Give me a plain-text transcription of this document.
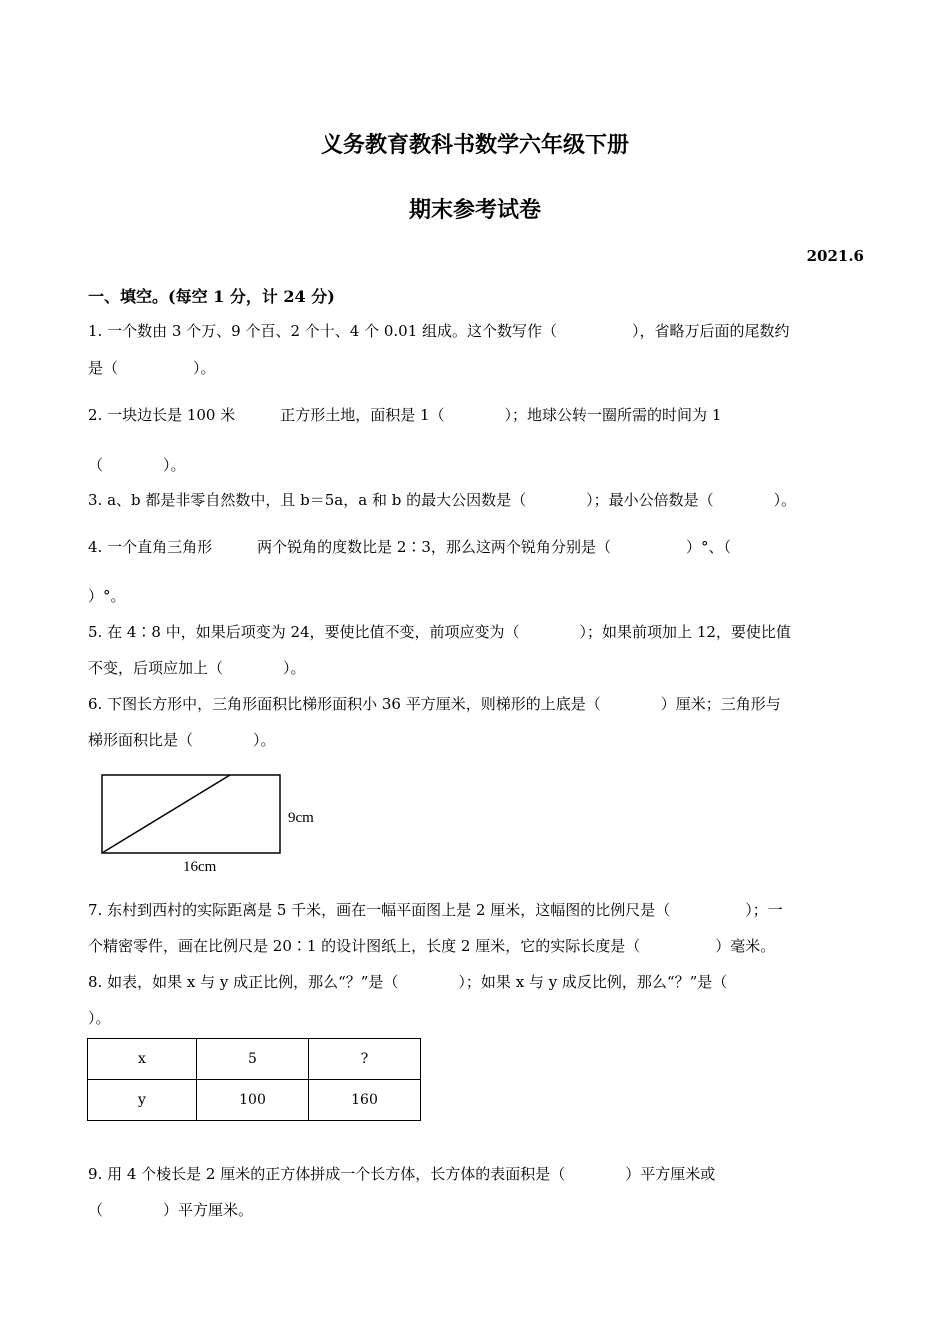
义务教育教科书数学六年级下册
期末参考试卷
2021.6
一、填空。(每空 1 分，计 24 分)
1. 一个数由 3 个万、9 个百、2 个十、4 个 0.01 组成。这个数写作（　　　　　），省略万后面的尾数约
是（　　　　　）。
2. 一块边长是 100 米　　　正方形土地，面积是 1（　　　　）；地球公转一圈所需的时间为 1
（　　　　）。
3. a、b 都是非零自然数中，且 b＝5a，a 和 b 的最大公因数是（　　　　）；最小公倍数是（　　　　）。
4. 一个直角三角形　　　两个锐角的度数比是 2∶3，那么这两个锐角分别是（　　　　　）°、（
）°。
5. 在 4∶8 中，如果后项变为 24，要使比值不变，前项应变为（　　　　）；如果前项加上 12，要使比值
不变，后项应加上（　　　　）。
6. 下图长方形中，三角形面积比梯形面积小 36 平方厘米，则梯形的上底是（　　　　）厘米；三角形与
梯形面积比是（　　　　）。
9cm
16cm
7. 东村到西村的实际距离是 5 千米，画在一幅平面图上是 2 厘米，这幅图的比例尺是（　　　　　）；一
个精密零件，画在比例尺是 20∶1 的设计图纸上，长度 2 厘米，它的实际长度是（　　　　　）毫米。
8. 如表，如果 x 与 y 成正比例，那么“？”是（　　　　）；如果 x 与 y 成反比例，那么“？”是（
）。
x	5	?
y	100	160
9. 用 4 个棱长是 2 厘米的正方体拼成一个长方体，长方体的表面积是（　　　　）平方厘米或
（　　　　）平方厘米。
